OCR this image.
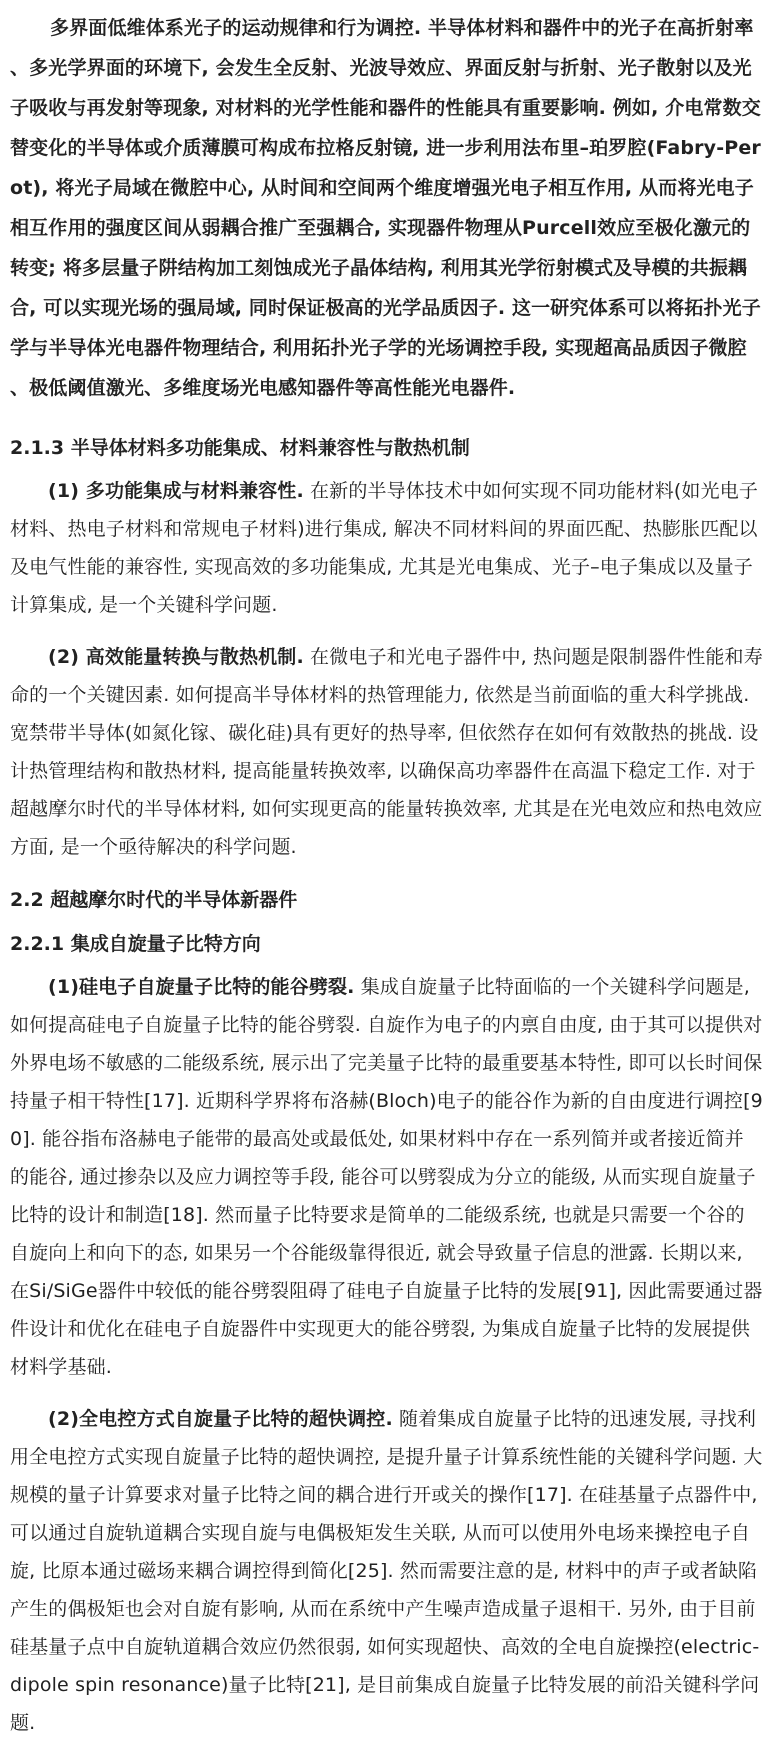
多界面低维体系光子的运动规律和行为调控. 半导体材料和器件中的光子在高折射率、多光学界面的环境下, 会发生全反射、光波导效应、界面反射与折射、光子散射以及光子吸收与再发射等现象, 对材料的光学性能和器件的性能具有重要影响. 例如, 介电常数交替变化的半导体或介质薄膜可构成布拉格反射镜, 进一步利用法布里–珀罗腔(Fabry-Perot), 将光子局域在微腔中心, 从时间和空间两个维度增强光电子相互作用, 从而将光电子相互作用的强度区间从弱耦合推广至强耦合, 实现器件物理从Purcell效应至极化激元的转变; 将多层量子阱结构加工刻蚀成光子晶体结构, 利用其光学衍射模式及导模的共振耦合, 可以实现光场的强局域, 同时保证极高的光学品质因子. 这一研究体系可以将拓扑光子学与半导体光电器件物理结合, 利用拓扑光子学的光场调控手段, 实现超高品质因子微腔、极低阈值激光、多维度场光电感知器件等高性能光电器件.

2.1.3 半导体材料多功能集成、材料兼容性与散热机制

(1) 多功能集成与材料兼容性. 在新的半导体技术中如何实现不同功能材料(如光电子材料、热电子材料和常规电子材料)进行集成, 解决不同材料间的界面匹配、热膨胀匹配以及电气性能的兼容性, 实现高效的多功能集成, 尤其是光电集成、光子–电子集成以及量子计算集成, 是一个关键科学问题.

(2) 高效能量转换与散热机制. 在微电子和光电子器件中, 热问题是限制器件性能和寿命的一个关键因素. 如何提高半导体材料的热管理能力, 依然是当前面临的重大科学挑战. 宽禁带半导体(如氮化镓、碳化硅)具有更好的热导率, 但依然存在如何有效散热的挑战. 设计热管理结构和散热材料, 提高能量转换效率, 以确保高功率器件在高温下稳定工作. 对于超越摩尔时代的半导体材料, 如何实现更高的能量转换效率, 尤其是在光电效应和热电效应方面, 是一个亟待解决的科学问题.

2.2 超越摩尔时代的半导体新器件
2.2.1 集成自旋量子比特方向

(1)硅电子自旋量子比特的能谷劈裂. 集成自旋量子比特面临的一个关键科学问题是,如何提高硅电子自旋量子比特的能谷劈裂. 自旋作为电子的内禀自由度, 由于其可以提供对外界电场不敏感的二能级系统, 展示出了完美量子比特的最重要基本特性, 即可以长时间保持量子相干特性[17]. 近期科学界将布洛赫(Bloch)电子的能谷作为新的自由度进行调控[90]. 能谷指布洛赫电子能带的最高处或最低处, 如果材料中存在一系列简并或者接近简并的能谷, 通过掺杂以及应力调控等手段, 能谷可以劈裂成为分立的能级, 从而实现自旋量子比特的设计和制造[18]. 然而量子比特要求是简单的二能级系统, 也就是只需要一个谷的自旋向上和向下的态, 如果另一个谷能级靠得很近, 就会导致量子信息的泄露. 长期以来, 在Si/SiGe器件中较低的能谷劈裂阻碍了硅电子自旋量子比特的发展[91], 因此需要通过器件设计和优化在硅电子自旋器件中实现更大的能谷劈裂, 为集成自旋量子比特的发展提供材料学基础.

(2)全电控方式自旋量子比特的超快调控. 随着集成自旋量子比特的迅速发展, 寻找利用全电控方式实现自旋量子比特的超快调控, 是提升量子计算系统性能的关键科学问题. 大规模的量子计算要求对量子比特之间的耦合进行开或关的操作[17]. 在硅基量子点器件中, 可以通过自旋轨道耦合实现自旋与电偶极矩发生关联, 从而可以使用外电场来操控电子自旋, 比原本通过磁场来耦合调控得到简化[25]. 然而需要注意的是, 材料中的声子或者缺陷产生的偶极矩也会对自旋有影响, 从而在系统中产生噪声造成量子退相干. 另外, 由于目前硅基量子点中自旋轨道耦合效应仍然很弱, 如何实现超快、高效的全电自旋操控(electric-dipole spin resonance)量子比特[21], 是目前集成自旋量子比特发展的前沿关键科学问题.
